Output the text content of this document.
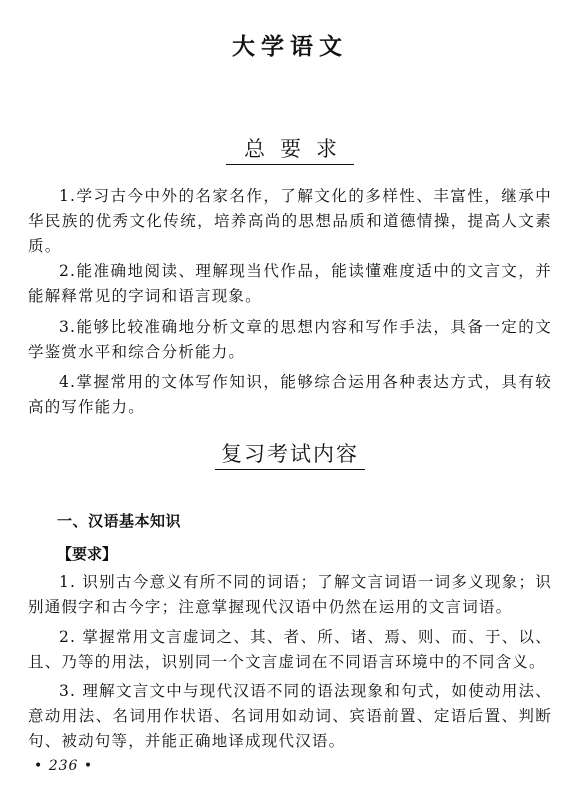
大学语文
总要求

1.学习古今中外的名家名作，了解文化的多样性、丰富性，继承中华民族的优秀文化传统，培养高尚的思想品质和道德情操，提高人文素质。

2.能准确地阅读、理解现当代作品，能读懂难度适中的文言文，并能解释常见的字词和语言现象。

3.能够比较准确地分析文章的思想内容和写作手法，具备一定的文学鉴赏水平和综合分析能力。

4.掌握常用的文体写作知识，能够综合运用各种表达方式，具有较高的写作能力。

复习考试内容
一、汉语基本知识
【要求】

1. 识别古今意义有所不同的词语；了解文言词语一词多义现象；识别通假字和古今字；注意掌握现代汉语中仍然在运用的文言词语。

2. 掌握常用文言虚词之、其、者、所、诸、焉、则、而、于、以、且、乃等的用法，识别同一个文言虚词在不同语言环境中的不同含义。

3. 理解文言文中与现代汉语不同的语法现象和句式，如使动用法、意动用法、名词用作状语、名词用如动词、宾语前置、定语后置、判断句、被动句等，并能正确地译成现代汉语。

• 236 •
